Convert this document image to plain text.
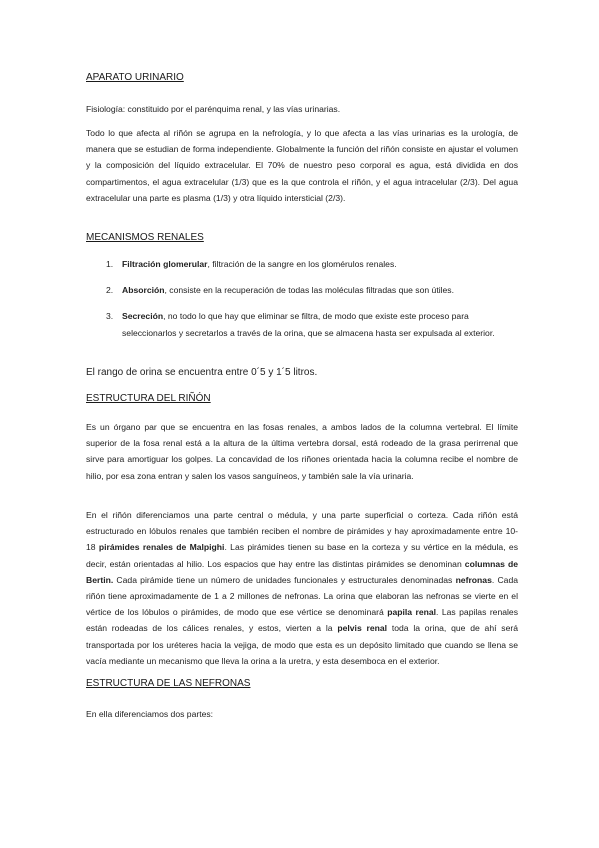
APARATO URINARIO

Fisiología: constituido por el parénquima renal, y las vías urinarias.

Todo lo que afecta al riñón se agrupa en la nefrología, y lo que afecta a las vías urinarias es la urología, de manera que se estudian de forma independiente. Globalmente la función del riñón consiste en ajustar el volumen y la composición del líquido extracelular. El 70% de nuestro peso corporal es agua, está dividida en dos compartimentos, el agua extracelular (1/3) que es la que controla el riñón, y el agua intracelular (2/3). Del agua extracelular una parte es plasma (1/3) y otra líquido intersticial (2/3).

MECANISMOS RENALES
1. Filtración glomerular, filtración de la sangre en los glomérulos renales.
2. Absorción, consiste en la recuperación de todas las moléculas filtradas que son útiles.
3. Secreción, no todo lo que hay que eliminar se filtra, de modo que existe este proceso para seleccionarlos y secretarlos a través de la orina, que se almacena hasta ser expulsada al exterior.

El rango de orina se encuentra entre 0´5 y 1´5 litros.

ESTRUCTURA DEL RIÑÓN

Es un órgano par que se encuentra en las fosas renales, a ambos lados de la columna vertebral. El límite superior de la fosa renal está a la altura de la última vertebra dorsal, está rodeado de la grasa perirrenal que sirve para amortiguar los golpes. La concavidad de los riñones orientada hacia la columna recibe el nombre de hilio, por esa zona entran y salen los vasos sanguíneos, y también sale la vía urinaria.

En el riñón diferenciamos una parte central o médula, y una parte superficial o corteza. Cada riñón está estructurado en lóbulos renales que también reciben el nombre de pirámides y hay aproximadamente entre 10-18 pirámides renales de Malpighi. Las pirámides tienen su base en la corteza y su vértice en la médula, es decir, están orientadas al hilio. Los espacios que hay entre las distintas pirámides se denominan columnas de Bertin. Cada pirámide tiene un número de unidades funcionales y estructurales denominadas nefronas. Cada riñón tiene aproximadamente de 1 a 2 millones de nefronas. La orina que elaboran las nefronas se vierte en el vértice de los lóbulos o pirámides, de modo que ese vértice se denominará papila renal. Las papilas renales están rodeadas de los cálices renales, y estos, vierten a la pelvis renal toda la orina, que de ahí será transportada por los uréteres hacia la vejiga, de modo que esta es un depósito limitado que cuando se llena se vacía mediante un mecanismo que lleva la orina a la uretra, y esta desemboca en el exterior.

ESTRUCTURA DE LAS NEFRONAS

En ella diferenciamos dos partes:
